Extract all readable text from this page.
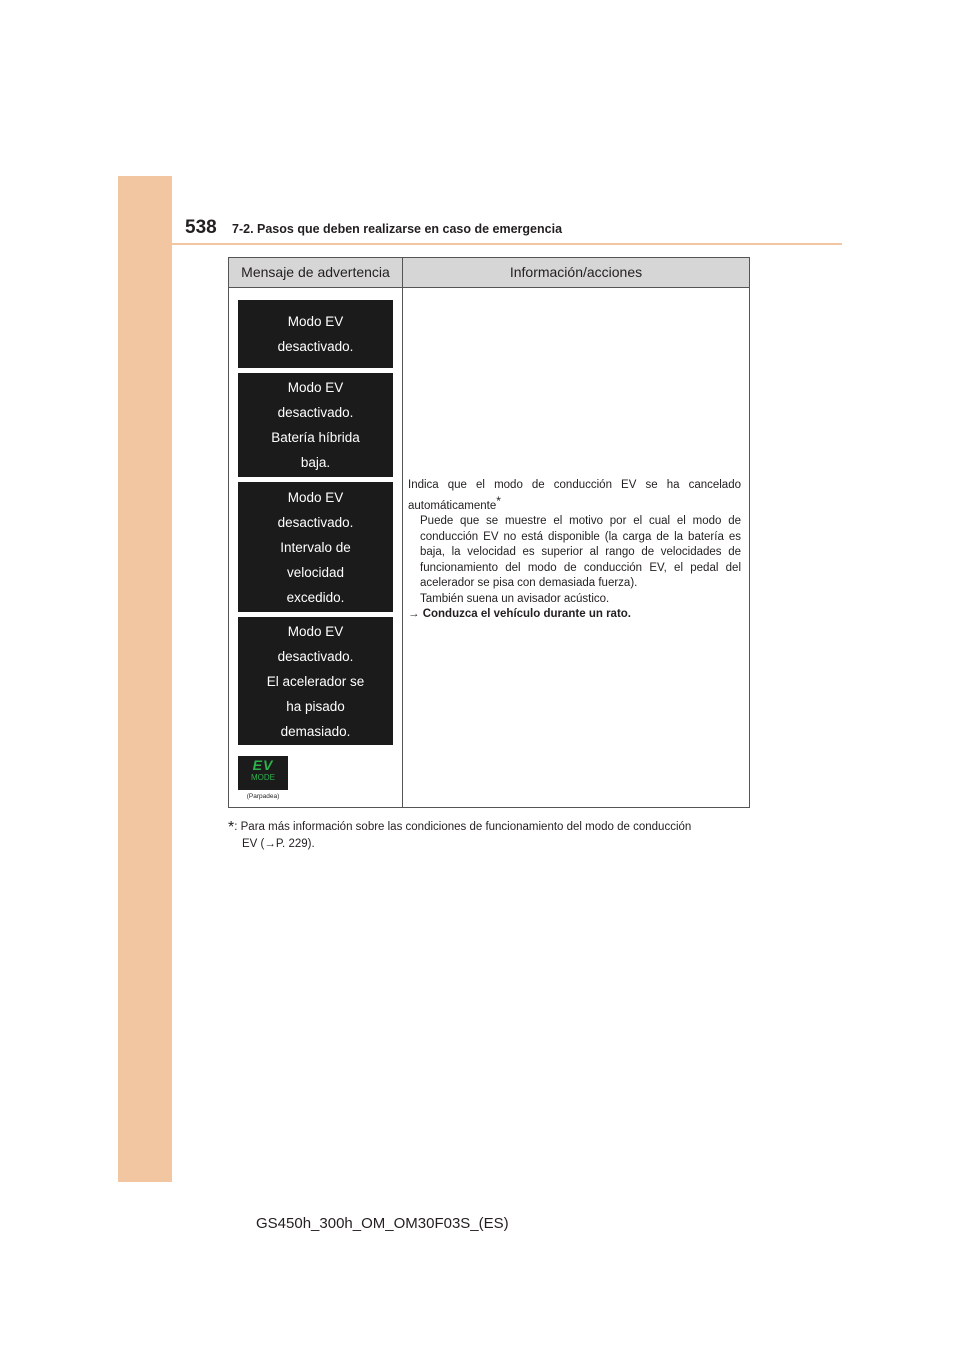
538 7-2. Pasos que deben realizarse en caso de emergencia
Mensaje de advertencia	Información/acciones
Modo EV
desactivado.
Modo EV
desactivado.
Batería híbrida
baja.
Modo EV
desactivado.
Intervalo de
velocidad
excedido.
Modo EV
desactivado.
El acelerador se
ha pisado
demasiado.
EV
MODE
(Parpadea)

Indica que el modo de conducción EV se ha cancelado automáticamente*

Puede que se muestre el motivo por el cual el modo de conducción EV no está disponible (la carga de la batería es baja, la velocidad es superior al rango de velocidades de funcionamiento del modo de conducción EV, el pedal del acelerador se pisa con demasiada fuerza).

También suena un avisador acústico.

→ Conduzca el vehículo durante un rato.

*: Para más información sobre las condiciones de funcionamiento del modo de conducción
EV (→P. 229).
GS450h_300h_OM_OM30F03S_(ES)
